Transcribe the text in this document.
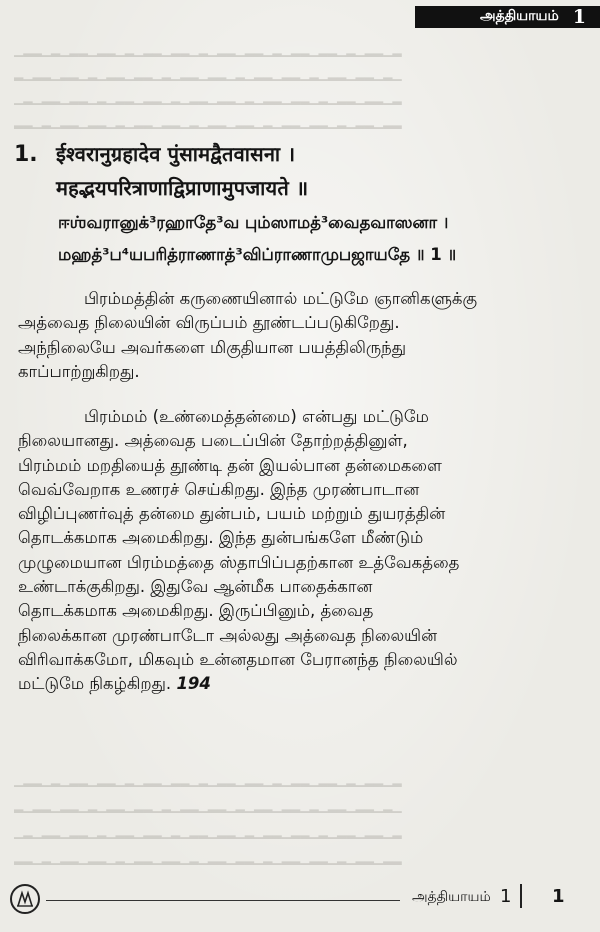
▁▂▂▁▂▁▂▂▁▂▂▁▂▁▂▂▁▂▂▁▂▁▂▂▁▂▂▁▂▁▂▂▁▂▂▁▂▁▂▂▁▂
▂▁▂▂▁▂▂▁▂▁▂▂▁▂▂▁▂▁▂▂▁▂▂▁▂▁▂▂▁▂▂▁▂▁▂▂▁▂▂▁▂▁
▁▂▁▂▂▁▂▂▁▂▁▂▂▁▂▂▁▂▁▂▂▁▂▂▁▂▁▂▂▁▂▂▁▂▁▂▂▁▂▂▁▂
▂▂▁▂▁▂▂▁▂▂▁▂▁▂▂▁▂▂▁▂▁▂▂▁▂▂▁▂▁▂▂▁▂▂▁▂▁▂▂▁▂▂
▁▂▂▁▂▁▂▂▁▂▂▁▂▁▂▂▁▂▂▁▂▁▂▂▁▂▂▁▂▁▂▂▁▂▂▁▂▁▂▂▁▂
▂▁▂▂▁▂▂▁▂▁▂▂▁▂▂▁▂▁▂▂▁▂▂▁▂▁▂▂▁▂▂▁▂▁▂▂▁▂▂▁▂▁
▁▂▁▂▂▁▂▂▁▂▁▂▂▁▂▂▁▂▁▂▂▁▂▂▁▂▁▂▂▁▂▂▁▂▁▂▂▁▂▂▁▂
▂▂▁▂▁▂▂▁▂▂▁▂▁▂▂▁▂▂▁▂▁▂▂▁▂▂▁▂▁▂▂▁▂▂▁▂▁▂▂▁▂▂
அத்தியாயம் 1
1. ईश्वरानुग्रहादेव पुंसामद्वैतवासना ।
महद्भयपरित्राणाद्विप्राणामुपजायते ॥
ஈஶ்வரானுக்³ரஹாதே³வ பும்ஸாமத்³வைதவாஸனா ।
மஹத்³ப⁴யபரித்ராணாத்³விப்ராணாமுபஜாயதே ॥ 1 ॥
பிரம்மத்தின் கருணையினால் மட்டுமே ஞானிகளுக்கு
அத்வைத நிலையின் விருப்பம் தூண்டப்படுகிறேது.
அந்நிலையே அவர்களை மிகுதியான பயத்திலிருந்து
காப்பாற்றுகிறது.
பிரம்மம் (உண்மைத்தன்மை) என்பது மட்டுமே
நிலையானது. அத்வைத படைப்பின் தோற்றத்தினுள்,
பிரம்மம் மறதியைத் தூண்டி தன் இயல்பான தன்மைகளை
வெவ்வேறாக உணரச் செய்கிறது. இந்த முரண்பாடான
விழிப்புணர்வுத் தன்மை துன்பம், பயம் மற்றும் துயரத்தின்
தொடக்கமாக அமைகிறது. இந்த துன்பங்களே மீண்டும்
முழுமையான பிரம்மத்தை ஸ்தாபிப்பதற்கான உத்வேகத்தை
உண்டாக்குகிறது. இதுவே ஆன்மீக பாதைக்கான
தொடக்கமாக அமைகிறது. இருப்பினும், த்வைத
நிலைக்கான முரண்பாடோ அல்லது அத்வைத நிலையின்
விரிவாக்கமோ, மிகவும் உன்னதமான பேரானந்த நிலையில்
மட்டுமே நிகழ்கிறது. 194
அத்தியாயம் 1 1
